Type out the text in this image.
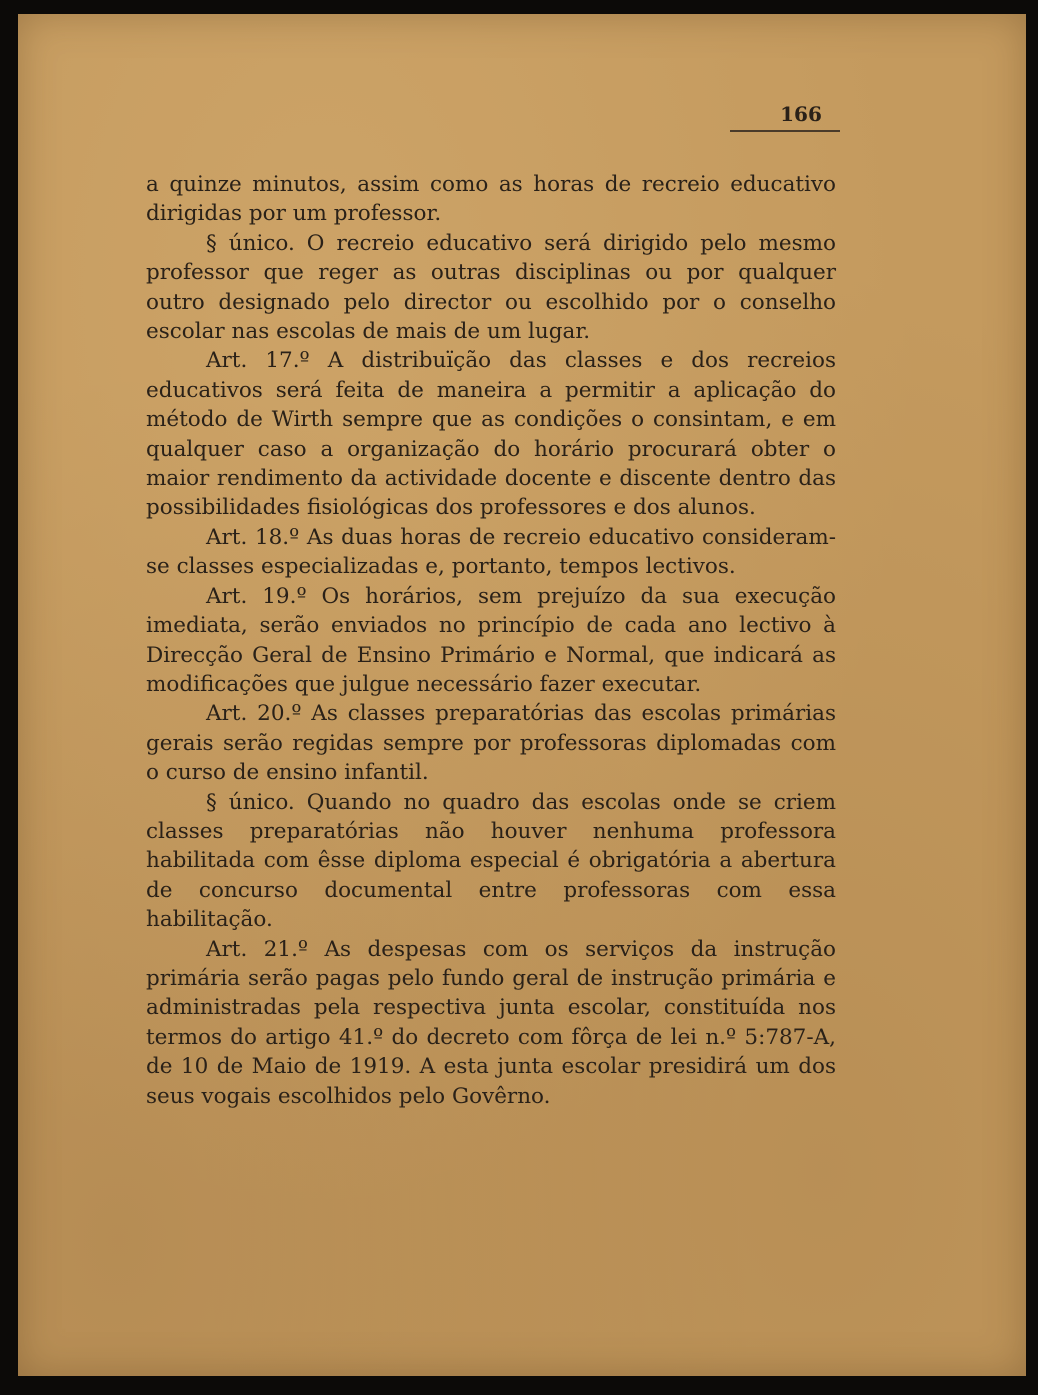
166

a quinze minutos, assim como as horas de recreio educativo dirigidas por um professor.

§ único. O recreio educativo será dirigido pelo mesmo professor que reger as outras disciplinas ou por qualquer outro designado pelo director ou escolhido por o conselho escolar nas escolas de mais de um lugar.

Art. 17.º A distribuïção das classes e dos recreios educativos será feita de maneira a permitir a aplicação do método de Wirth sempre que as condições o consintam, e em qualquer caso a organização do horário procurará obter o maior rendimento da actividade docente e discente dentro das possibilidades fisiológicas dos professores e dos alunos.

Art. 18.º As duas horas de recreio educativo consideram-se classes especializadas e, portanto, tempos lectivos.

Art. 19.º Os horários, sem prejuízo da sua execução imediata, serão enviados no princípio de cada ano lectivo à Direcção Geral de Ensino Primário e Normal, que indicará as modificações que julgue necessário fazer executar.

Art. 20.º As classes preparatórias das escolas primárias gerais serão regidas sempre por professoras diplomadas com o curso de ensino infantil.

§ único. Quando no quadro das escolas onde se criem classes preparatórias não houver nenhuma professora habilitada com êsse diploma especial é obrigatória a abertura de concurso documental entre professoras com essa habilitação.

Art. 21.º As despesas com os serviços da instrução primária serão pagas pelo fundo geral de instrução primária e administradas pela respectiva junta escolar, constituída nos termos do artigo 41.º do decreto com fôrça de lei n.º 5:787-A, de 10 de Maio de 1919. A esta junta escolar presidirá um dos seus vogais escolhidos pelo Govêrno.
